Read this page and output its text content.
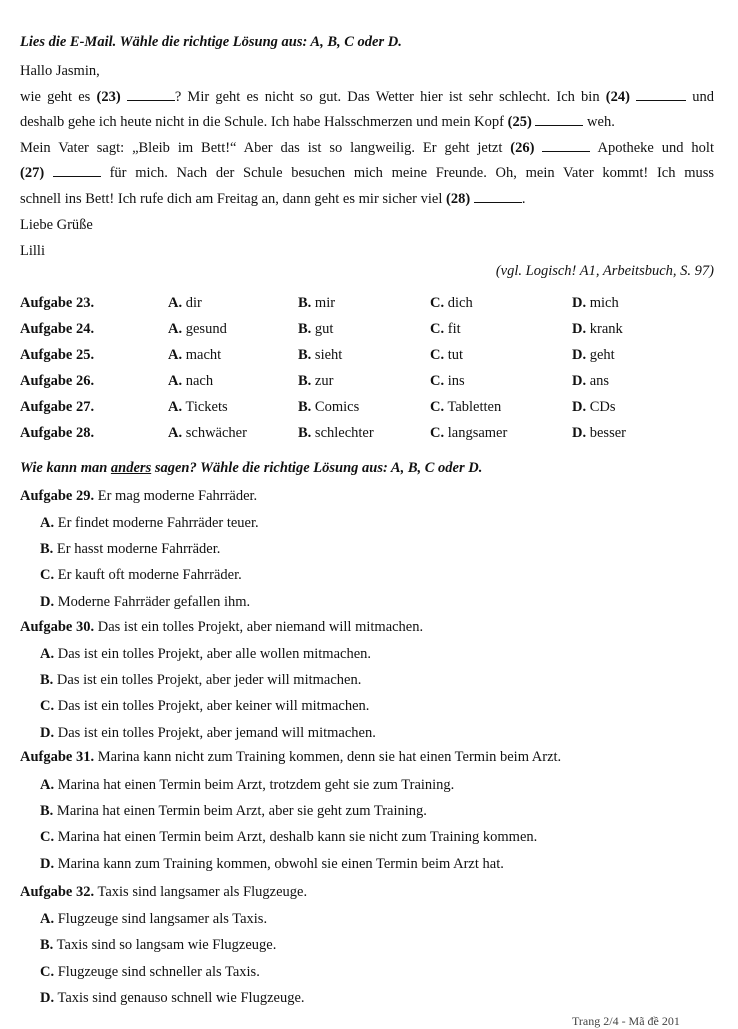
Lies die E-Mail. Wähle die richtige Lösung aus: A, B, C oder D.
Hallo Jasmin,
wie geht es (23)	? Mir geht es nicht so gut. Das Wetter hier ist sehr schlecht. Ich bin (24)	und
deshalb gehe ich heute nicht in die Schule. Ich habe Halsschmerzen und mein Kopf (25)	weh.
Mein Vater sagt: „Bleib im Bett!“ Aber das ist so langweilig. Er geht jetzt (26)	Apotheke und holt
(27)	für mich. Nach der Schule besuchen mich meine Freunde. Oh, mein Vater kommt! Ich muss
schnell ins Bett! Ich rufe dich am Freitag an, dann geht es mir sicher viel (28)	.
Liebe Grüße
Lilli
(vgl. Logisch! A1, Arbeitsbuch, S. 97)
Aufgabe 23.	A. dir	B. mir	C. dich	D. mich
Aufgabe 24.	A. gesund	B. gut	C. fit	D. krank
Aufgabe 25.	A. macht	B. sieht	C. tut	D. geht
Aufgabe 26.	A. nach	B. zur	C. ins	D. ans
Aufgabe 27.	A. Tickets	B. Comics	C. Tabletten	D. CDs
Aufgabe 28.	A. schwächer	B. schlechter	C. langsamer	D. besser
Wie kann man anders sagen? Wähle die richtige Lösung aus: A, B, C oder D.
Aufgabe 29. Er mag moderne Fahrräder.
A. Er findet moderne Fahrräder teuer.
B. Er hasst moderne Fahrräder.
C. Er kauft oft moderne Fahrräder.
D. Moderne Fahrräder gefallen ihm.
Aufgabe 30. Das ist ein tolles Projekt, aber niemand will mitmachen.
A. Das ist ein tolles Projekt, aber alle wollen mitmachen.
B. Das ist ein tolles Projekt, aber jeder will mitmachen.
C. Das ist ein tolles Projekt, aber keiner will mitmachen.
D. Das ist ein tolles Projekt, aber jemand will mitmachen.
Aufgabe 31. Marina kann nicht zum Training kommen, denn sie hat einen Termin beim Arzt.
A. Marina hat einen Termin beim Arzt, trotzdem geht sie zum Training.
B. Marina hat einen Termin beim Arzt, aber sie geht zum Training.
C. Marina hat einen Termin beim Arzt, deshalb kann sie nicht zum Training kommen.
D. Marina kann zum Training kommen, obwohl sie einen Termin beim Arzt hat.
Aufgabe 32. Taxis sind langsamer als Flugzeuge.
A. Flugzeuge sind langsamer als Taxis.
B. Taxis sind so langsam wie Flugzeuge.
C. Flugzeuge sind schneller als Taxis.
D. Taxis sind genauso schnell wie Flugzeuge.
Trang 2/4 - Mã đề 201
